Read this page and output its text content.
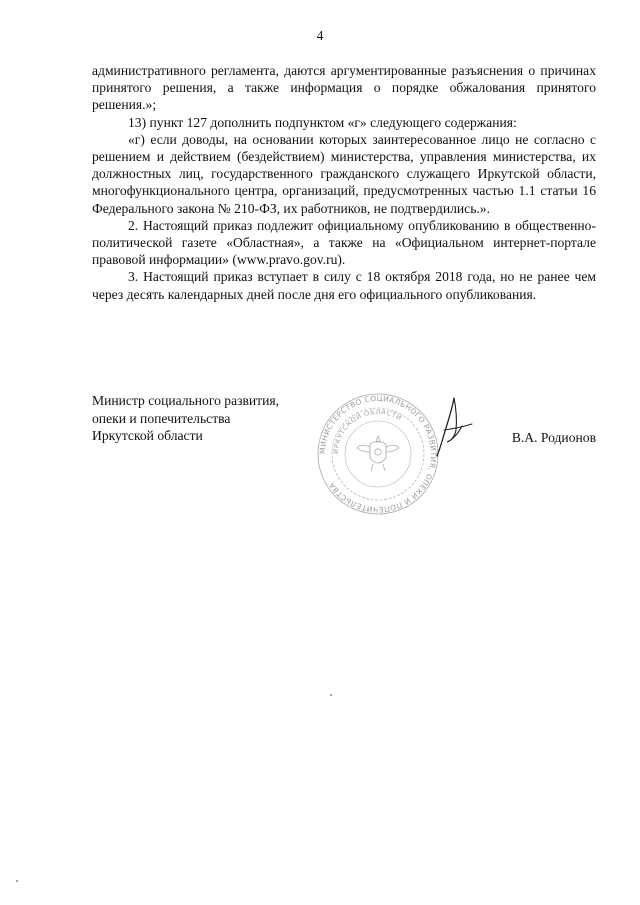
4

административного регламента, даются аргументированные разъяснения о причинах принятого решения, а также информация о порядке обжалования принятого решения.»;

13) пункт 127 дополнить подпунктом «г» следующего содержания:

«г) если доводы, на основании которых заинтересованное лицо не согласно с решением и действием (бездействием) министерства, управления министерства, их должностных лиц, государственного гражданского служащего Иркутской области, многофункционального центра, организаций, предусмотренных частью 1.1 статьи 16 Федерального закона № 210-ФЗ, их работников, не подтвердились.».

2. Настоящий приказ подлежит официальному опубликованию в общественно-политической газете «Областная», а также на «Официальном интернет-портале правовой информации» (www.pravo.gov.ru).

3. Настоящий приказ вступает в силу с 18 октября 2018 года, но не ранее чем через десять календарных дней после дня его официального опубликования.

Министр социального развития,
опеки и попечительства
Иркутской области
МИНИСТЕРСТВО СОЦИАЛЬНОГО РАЗВИТИЯ, ОПЕКИ И ПОПЕЧИТЕЛЬСТВА
ИРКУТСКОЙ ОБЛАСТИ
В.А. Родионов
